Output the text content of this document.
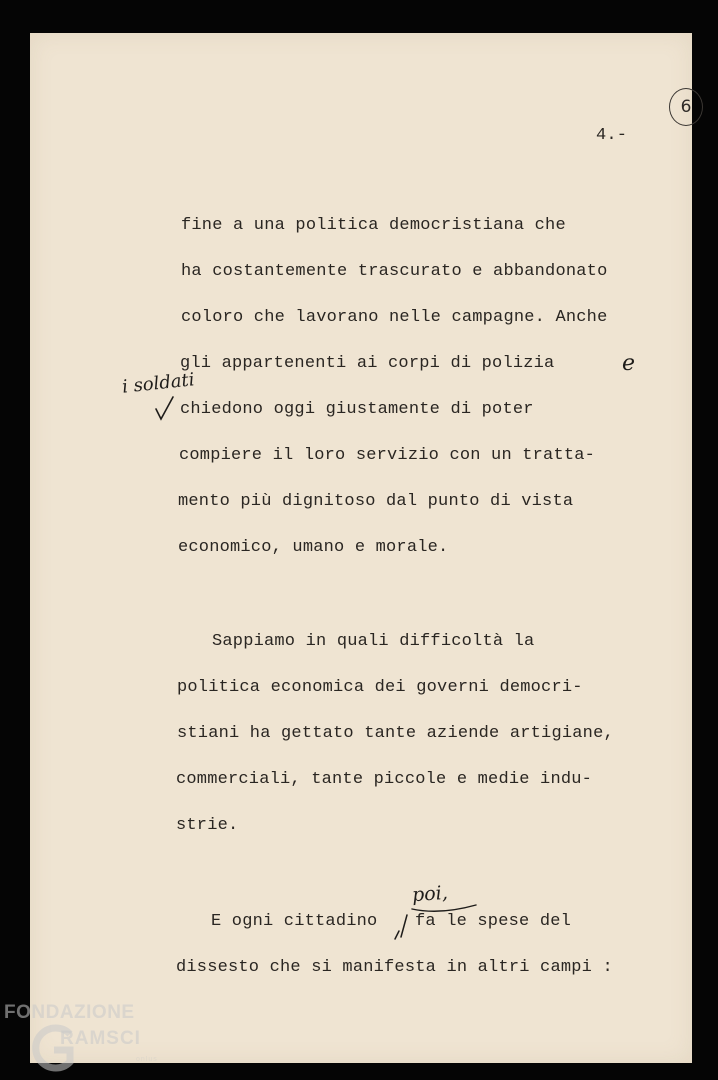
6
4.-
fine a una politica democristiana che
ha costantemente trascurato e abbandonato
coloro che lavorano nelle campagne. Anche
gli appartenenti ai corpi di polizia	e
i soldati
chiedono oggi giustamente di poter
compiere il loro servizio con un tratta-
mento più dignitoso dal punto di vista
economico, umano e morale.
Sappiamo in quali difficoltà la
politica economica dei governi democri-
stiani ha gettato tante aziende artigiane,
commerciali, tante piccole e medie indu-
strie.
E ogni cittadino
poi,
fa le spese del
dissesto che si manifesta in altri campi :
FONDAZIONE
RAMSCI
onlus
